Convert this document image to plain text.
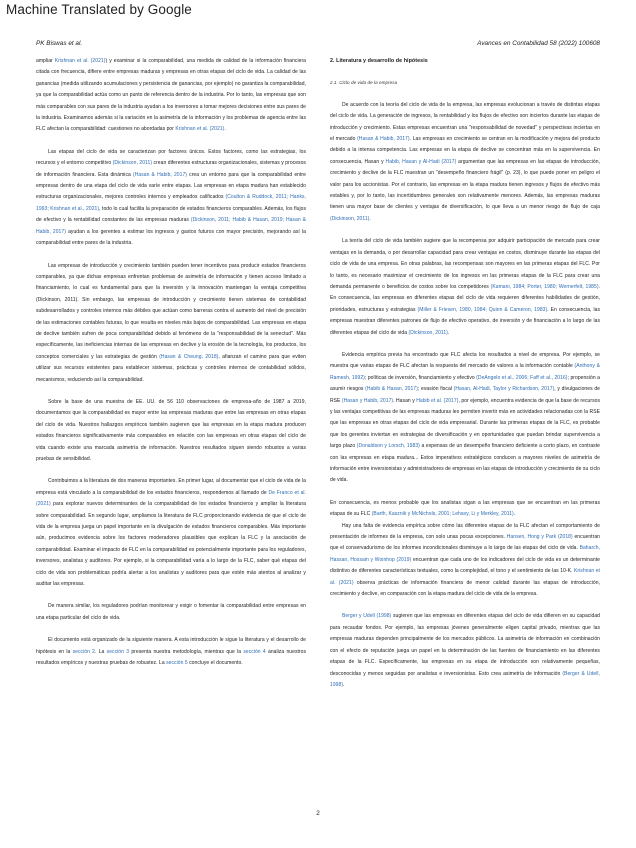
Machine Translated by Google
PK Biswas et al.	Avances en Contabilidad 58 (2022) 100608

ampliar Krishnan et al. (2021)) y examinar si la comparabilidad, una medida de calidad de la información financiera citada con frecuencia, difiere entre empresas maduras y empresas en otras etapas del ciclo de vida. La calidad de las ganancias (medida utilizando acumulaciones y persistencia de ganancias, por ejemplo) no garantiza la comparabilidad, ya que la comparabilidad actúa como un punto de referencia dentro de la industria. Por lo tanto, las empresas que son más comparables con sus pares de la industria ayudan a los inversores a tomar mejores decisiones entre sus pares de la industria. Examinamos además si la variación en la asimetría de la información y los problemas de agencia entre las FLC afectan la comparabilidad: cuestiones no abordadas por Krishnan et al. (2021).

Las etapas del ciclo de vida se caracterizan por factores únicos. Estos factores, como las estrategias, los recursos y el entorno competitivo (Dickinson, 2011) crean diferentes estructuras organizacionales, sistemas y procesos de información financiera. Esta dinámica (Hasan & Habib, 2017) crea un entorno para que la comparabilidad entre empresas dentro de una etapa del ciclo de vida varíe entre etapas. Las empresas en etapa madura han establecido estructuras organizacionales, mejores controles internos y empleados calificados (Coulton & Ruddock, 2011; Hanks, 1993; Krishnan et al., 2021), todo lo cual facilita la preparación de estados financieros comparables. Además, los flujos de efectivo y la rentabilidad constantes de las empresas maduras (Dickinson, 2011; Habib & Hasan, 2019; Hasan & Habib, 2017) ayudan a los gerentes a estimar los ingresos y gastos futuros con mayor precisión, mejorando así la comparabilidad entre pares de la industria.

Las empresas de introducción y crecimiento también pueden tener incentivos para producir estados financieros comparables, ya que dichas empresas enfrentan problemas de asimetría de información y tienen acceso limitado a financiamiento, lo cual es fundamental para que la inversión y la innovación mantengan la ventaja competitiva (Dickinson, 2011). Sin embargo, las empresas de introducción y crecimiento tienen sistemas de contabilidad subdesarrollados y controles internos más débiles que actúan como barreras contra el aumento del nivel de precisión de las estimaciones contables futuras, lo que resulta en niveles más bajos de comparabilidad. Las empresas en etapa de declive también sufren de poca comparabilidad debido al fenómeno de la "responsabilidad de la senectud". Más específicamente, las ineficiencias internas de las empresas en declive y la erosión de la tecnología, los productos, los conceptos comerciales y las estrategias de gestión (Hasan & Cheung, 2018), afianzan el camino para que eviten utilizar sus recursos existentes para establecer sistemas, prácticas y controles internos de contabilidad sólidos, mecanismos, reduciendo así la comparabilidad.

Sobre la base de una muestra de EE. UU. de 56 110 observaciones de empresa-año de 1987 a 2019, documentamos que la comparabilidad es mayor entre las empresas maduras que entre las empresas en otras etapas del ciclo de vida. Nuestros hallazgos empíricos también sugieren que las empresas en la etapa madura producen estados financieros significativamente más comparables en relación con las empresas en otras etapas del ciclo de vida cuando existe una marcada asimetría de información. Nuestros resultados siguen siendo robustos a varias pruebas de sensibilidad.

Contribuimos a la literatura de dos maneras importantes. En primer lugar, al documentar que el ciclo de vida de la empresa está vinculado a la comparabilidad de los estados financieros, respondemos al llamado de De Franco et al. (2021) para explorar nuevos determinantes de la comparabilidad de los estados financieros y ampliar la literatura sobre comparabilidad. En segundo lugar, ampliamos la literatura de FLC proporcionando evidencia de que el ciclo de vida de la empresa juega un papel importante en la divulgación de estados financieros comparables. Más importante aún, producimos evidencia sobre los factores moderadores plausibles que explican la FLC y la asociación de comparabilidad. Examinar el impacto de FLC en la comparabilidad es potencialmente importante para los reguladores, inversores, analistas y auditores. Por ejemplo, si la comparabilidad varía a lo largo de la FLC, saber qué etapas del ciclo de vida son problemáticas podría alertar a los analistas y auditores para que estén más atentos al analizar y auditar las empresas.

De manera similar, los reguladores podrían monitorear y exigir o fomentar la comparabilidad entre empresas en una etapa particular del ciclo de vida.

El documento está organizado de la siguiente manera. A esta introducción le sigue la literatura y el desarrollo de hipótesis en la sección 2. La sección 3 presenta nuestra metodología, mientras que la sección 4 analiza nuestros resultados empíricos y nuestras pruebas de robustez. La sección 5 concluye el documento.

2. Literatura y desarrollo de hipótesis
2.1. Ciclo de vida de la empresa

De acuerdo con la teoría del ciclo de vida de la empresa, las empresas evolucionan a través de distintas etapas del ciclo de vida. La generación de ingresos, la rentabilidad y los flujos de efectivo son inciertos durante las etapas de introducción y crecimiento. Estas empresas encuentran una "responsabilidad de novedad" y perspectivas inciertas en el mercado (Hasan & Habib, 2017). Las empresas en crecimiento se centran en la modificación y mejora del producto debido a la intensa competencia. Las empresas en la etapa de declive se concentran más en la supervivencia. En consecuencia, Hasan y Habib, Hasan y Al-Hadi (2017) argumentan que las empresas en las etapas de introducción, crecimiento y declive de la FLC muestran un "desempeño financiero frágil" (p. 23), lo que puede poner en peligro el valor para los accionistas. Por el contrario, las empresas en la etapa madura tienen ingresos y flujos de efectivo más estables y, por lo tanto, las incertidumbres generales son relativamente menores. Además, las empresas maduras tienen una mayor base de clientes y ventajas de diversificación, lo que lleva a un menor riesgo de flujo de caja (Dickinson, 2011).

La teoría del ciclo de vida también sugiere que la recompensa por adquirir participación de mercado para crear ventajas en la demanda, o por desarrollar capacidad para crear ventajas en costos, disminuye durante las etapas del ciclo de vida de una empresa. En otras palabras, las recompensas son mayores en las primeras etapas del FLC. Por lo tanto, es necesario maximizar el crecimiento de los ingresos en las primeras etapas de la FLC para crear una demanda permanente o beneficios de costos sobre los competidores (Kamani, 1984; Porter, 1980; Wernerfelt, 1985). En consecuencia, las empresas en diferentes etapas del ciclo de vida requieren diferentes habilidades de gestión, prioridades, estructuras y estrategias (Miller & Friesen, 1980, 1984; Quinn & Cameron, 1983). En consecuencia, las empresas muestran diferentes patrones de flujo de efectivo operativo, de inversión y de financiación a lo largo de las diferentes etapas del ciclo de vida (Dickinson, 2011).

Evidencia empírica previa ha encontrado que FLC afecta los resultados a nivel de empresa. Por ejemplo, se muestra que varias etapas de FLC afectan la respuesta del mercado de valores a la información contable (Anthony & Ramesh, 1992); políticas de inversión, financiamiento y efectivo (DeAngelo et al., 2006; Faff et al., 2016); propensión a asumir riesgos (Habib & Hasan, 2017); evasión fiscal (Hasan, Al-Hadi, Taylor y Richardson, 2017), y divulgaciones de RSE (Hasan y Habib, 2017). Hasan y Habib et al. (2017), por ejemplo, encuentra evidencia de que la base de recursos y las ventajas competitivas de las empresas maduras les permiten invertir más en actividades relacionadas con la RSE que las empresas en otras etapas del ciclo de vida empresarial. Durante las primeras etapas de la FLC, es probable que los gerentes inviertan en estrategias de diversificación y en oportunidades que puedan brindar supervivencia a largo plazo (Donaldson y Lorsch, 1983) a expensas de un desempeño financiero deficiente a corto plazo, en contraste con las empresas en etapa madura... Estos imperativos estratégicos conducen a mayores niveles de asimetría de información entre inversionistas y administradores de empresas en las etapas de introducción y crecimiento de su ciclo de vida.

En consecuencia, es menos probable que los analistas sigan a las empresas que se encuentran en las primeras etapas de su FLC (Barth, Kasznik y McNichols, 2001; Lehavy, Li y Merkley, 2011).

Hay una falta de evidencia empírica sobre cómo las diferentes etapas de la FLC afectan el comportamiento de presentación de informes de la empresa, con solo unas pocas excepciones. Hansen, Hong y Park (2018) encuentran que el conservadurismo de los informes incondicionales disminuye a lo largo de las etapas del ciclo de vida. Baharch, Hassan, Hossain y Woinhop (2019) encuentran que cada uno de los indicadores del ciclo de vida es un determinante distintivo de diferentes características textuales, como la complejidad, el tono y el sentimiento de las 10-K. Krishnan et al. (2021) observa prácticas de información financiera de menor calidad durante las etapas de introducción, crecimiento y declive, en comparación con la etapa madura del ciclo de vida de la empresa.

Berger y Udell (1998) sugieren que las empresas en diferentes etapas del ciclo de vida difieren en su capacidad para recaudar fondos. Por ejemplo, las empresas jóvenes generalmente eligen capital privado, mientras que las empresas maduras dependen principalmente de los mercados públicos. La asimetría de información en combinación con el efecto de reputación juega un papel en la determinación de las fuentes de financiamiento en las diferentes etapas de la FLC. Específicamente, las empresas en su etapa de introducción son relativamente pequeñas, desconocidas y menos seguidas por analistas e inversionistas. Esto crea asimetría de información (Berger & Udell, 1998).

2
